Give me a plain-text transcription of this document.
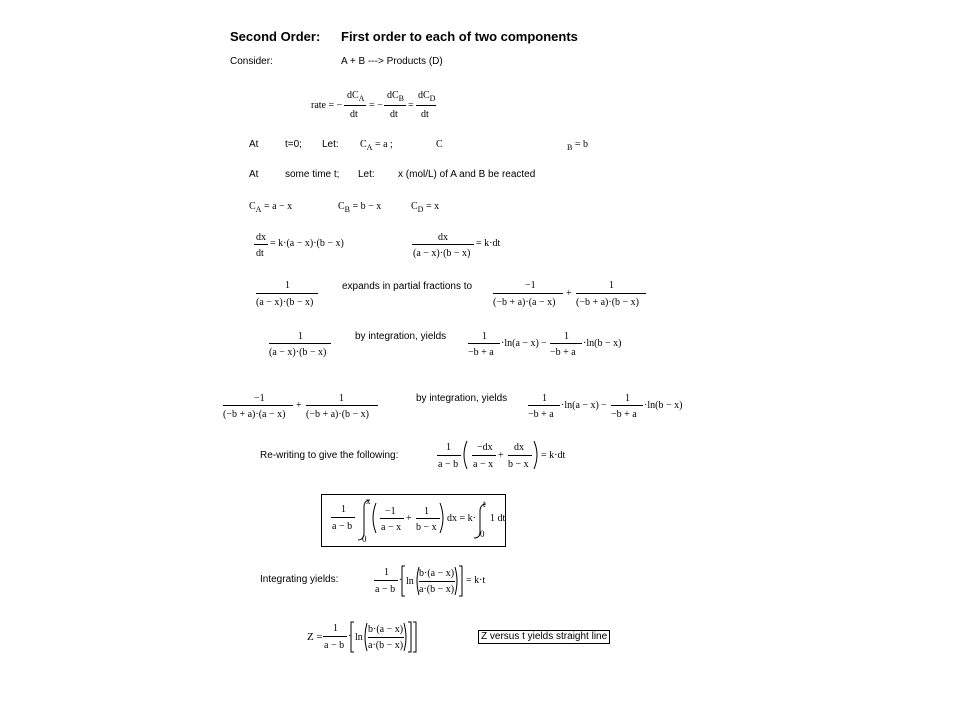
Second Order: First order to each of two components
Consider:	A + B ---> Products (D)
rate = −
$dC_A$
dt
= −
$dC_B$
dt
=
$dC_D$
dt
At	t=0; Let: $C_A = a$ ;	C	$_B$ = b
At	some time t; Let: x (mol/L) of A and B be reacted
$C_A = a - x$	$C_B = b - x$	$C_D = x$
dx
dt
= k·(a − x)·(b − x)
dx
(a − x)·(b − x)
= k·dt
1
(a − x)·(b − x)
expands in partial fractions to	−1
(−b + a)·(a − x)
+
1
(−b + a)·(b − x)
1
(a − x)·(b − x)
by integration, yields	1
−b + a
·ln(a − x) −
1
−b + a
·ln(b − x)
−1
(−b + a)·(a − x)
+
1
(−b + a)·(b − x)
by integration, yields	1
−b + a
·ln(a − x) −
1
−b + a
·ln(b − x)
Re-writing to give the following:
1
a − b
−dx
a − x
+
dx
b − x
= k·dt
1
a − b
x
0
−1
a − x
+
1
b − x
dx = k·
t
0
1 dt
Integrating yields:
1
a − b
· ln
b·(a − x)
a·(b − x)
= k·t
Z =
1
a − b
· ln
b·(a − x)
a·(b − x)
Z versus t yields straight line
